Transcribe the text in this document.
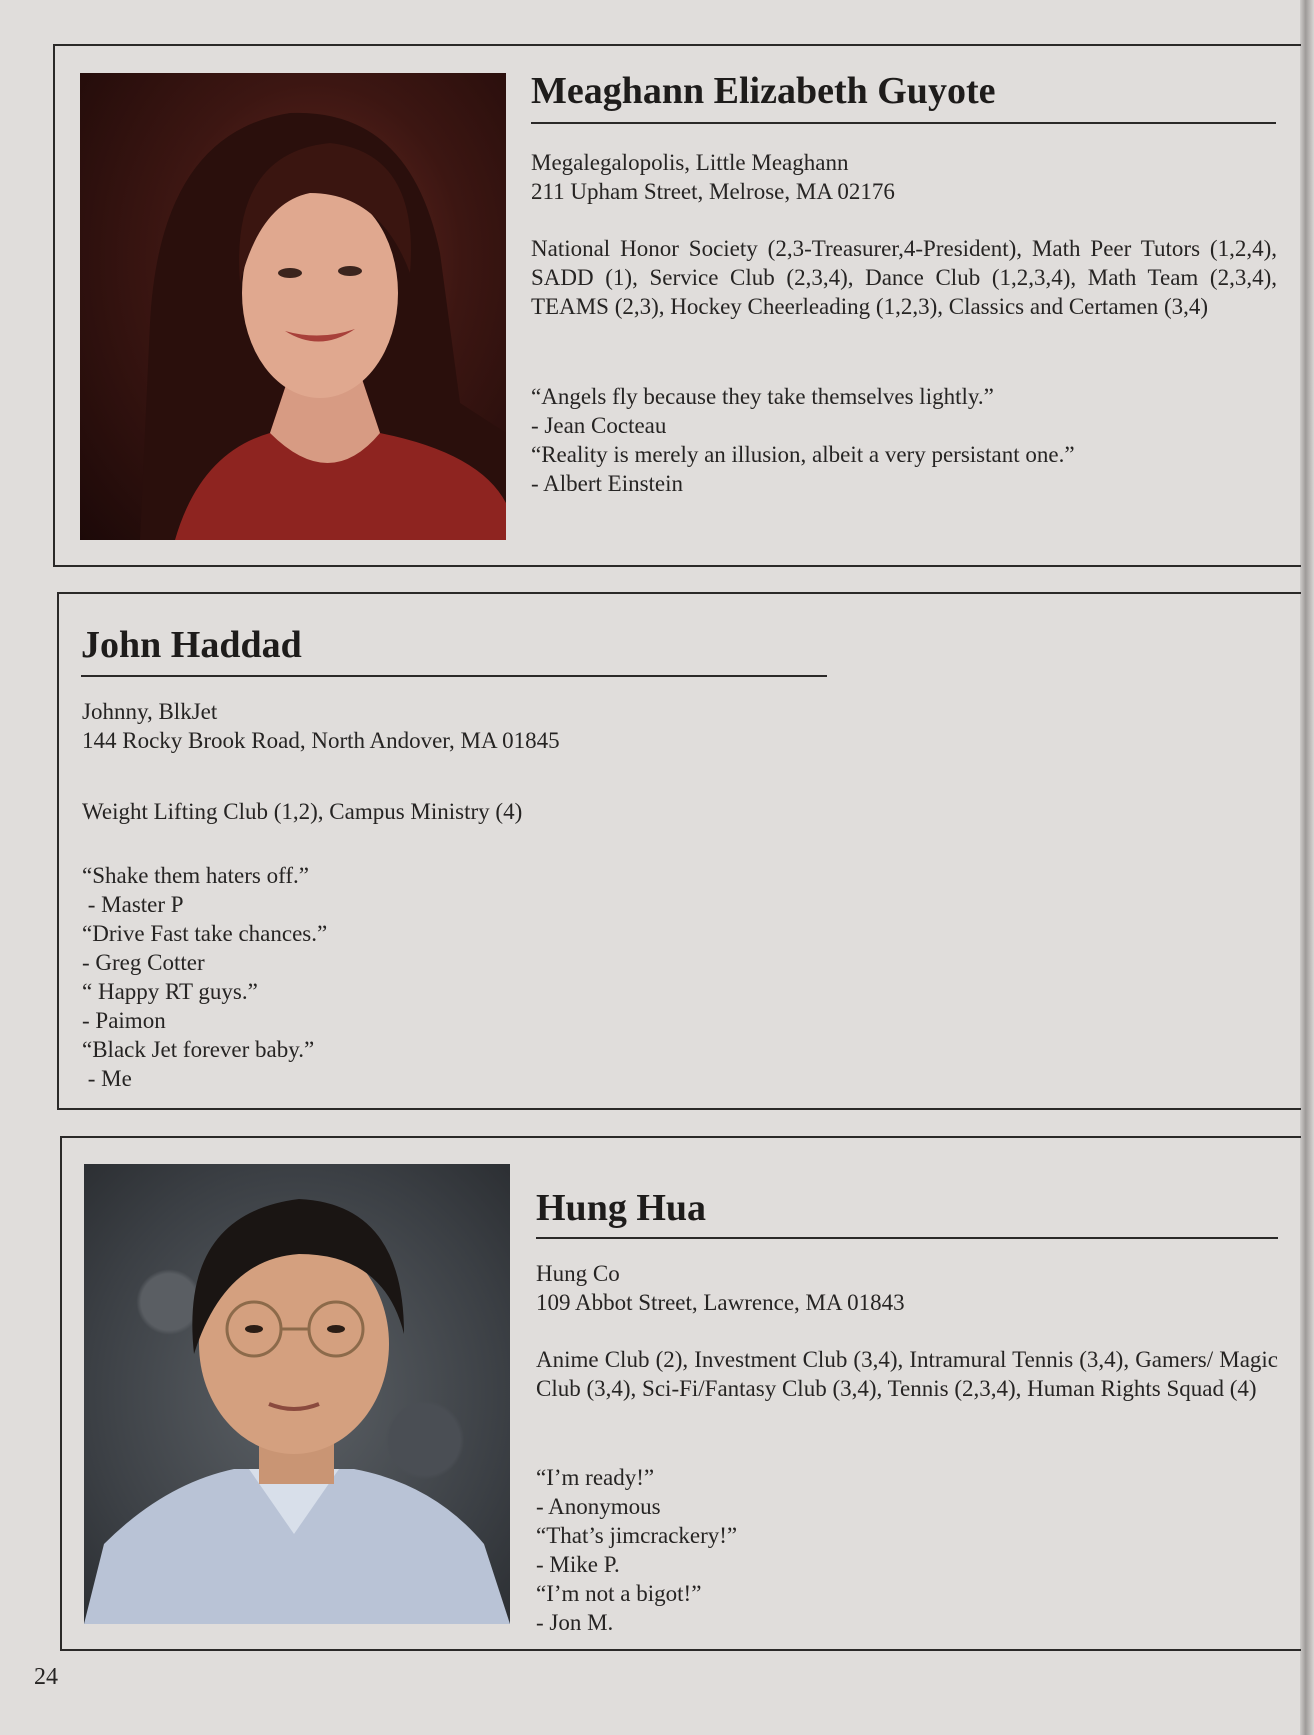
Meaghann Elizabeth Guyote
Megalegalopolis, Little Meaghann
211 Upham Street, Melrose, MA 02176
National Honor Society (2,3-Treasurer,4-President), Math Peer Tutors (1,2,4), SADD (1), Service Club (2,3,4), Dance Club (1,2,3,4), Math Team (2,3,4), TEAMS (2,3), Hockey Cheerleading (1,2,3), Classics and Certamen (3,4)
“Angels fly because they take themselves lightly.”
- Jean Cocteau
“Reality is merely an illusion, albeit a very persistant one.”
- Albert Einstein
John Haddad
Johnny, BlkJet
144 Rocky Brook Road, North Andover, MA 01845
Weight Lifting Club (1,2), Campus Ministry (4)
“Shake them haters off.”
- Master P
“Drive Fast take chances.”
- Greg Cotter
“ Happy RT guys.”
- Paimon
“Black Jet forever baby.”
- Me
Hung Hua
Hung Co
109 Abbot Street, Lawrence, MA 01843
Anime Club (2), Investment Club (3,4), Intramural Tennis (3,4), Gamers/ Magic Club (3,4), Sci-Fi/Fantasy Club (3,4), Tennis (2,3,4), Human Rights Squad (4)
“I’m ready!”
- Anonymous
“That’s jimcrackery!”
- Mike P.
“I’m not a bigot!”
- Jon M.
24
